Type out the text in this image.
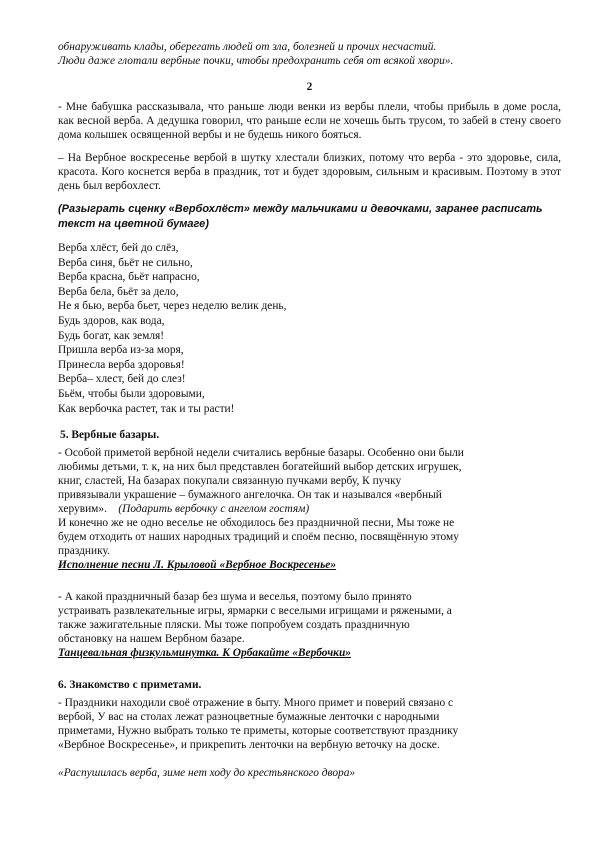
обнаруживать клады, оберегать людей от зла, болезней и прочих несчастий.
Люди даже глотали вербные почки, чтобы предохранить себя от всякой хвори».
2

- Мне бабушка рассказывала, что раньше люди венки из вербы плели, чтобы прибыль в доме росла, как весной верба. А дедушка говорил, что раньше если не хочешь быть трусом, то забей в стену своего дома колышек освященной вербы и не будешь никого бояться.

– На Вербное воскресенье вербой в шутку хлестали близких, потому что верба - это здоровье, сила, красота. Кого коснется верба в праздник, тот и будет здоровым, сильным и красивым. Поэтому в этот день был вербохлест.

(Разыграть сценку «Вербохлёст» между мальчиками и девочками, заранее расписать текст на цветной бумаге)
Верба хлёст, бей до слёз,
Верба синя, бьёт не сильно,
Верба красна, бьёт напрасно,
Верба бела, бьёт за дело,
Не я бью, верба бьет, через неделю велик день,
Будь здоров, как вода,
Будь богат, как земля!
Пришла верба из-за моря,
Принесла верба здоровья!
Верба– хлест, бей до слез!
Бьём, чтобы были здоровыми,
Как вербочка растет, так и ты расти!
5. Вербные базары.
- Особой приметой вербной недели считались вербные базары. Особенно они были
любимы детьми, т. к, на них был представлен богатейший выбор детских игрушек,
книг, сластей, На базарах покупали связанную пучками вербу, К пучку
привязывали украшение – бумажного ангелочка. Он так и назывался «вербный
херувим». (Подарить вербочку с ангелом гостям)
И конечно же не одно веселье не обходилось без праздничной песни, Мы тоже не
будем отходить от наших народных традиций и споём песню, посвящённую этому
празднику.
Исполнение песни Л. Крыловой «Вербное Воскресенье»
- А какой праздничный базар без шума и веселья, поэтому было принято
устраивать развлекательные игры, ярмарки с веселыми игрищами и ряжеными, а
также зажигательные пляски. Мы тоже попробуем создать праздничную
обстановку на нашем Вербном базаре.
Танцевальная физкульминутка. К Орбакайте «Вербочки»
6. Знакомство с приметами.
- Праздники находили своё отражение в быту. Много примет и поверий связано с
вербой, У вас на столах лежат разноцветные бумажные ленточки с народными
приметами, Нужно выбрать только те приметы, которые соответствуют празднику
«Вербное Воскресенье», и прикрепить ленточки на вербную веточку на доске.
«Распушилась верба, зиме нет ходу до крестьянского двора»
